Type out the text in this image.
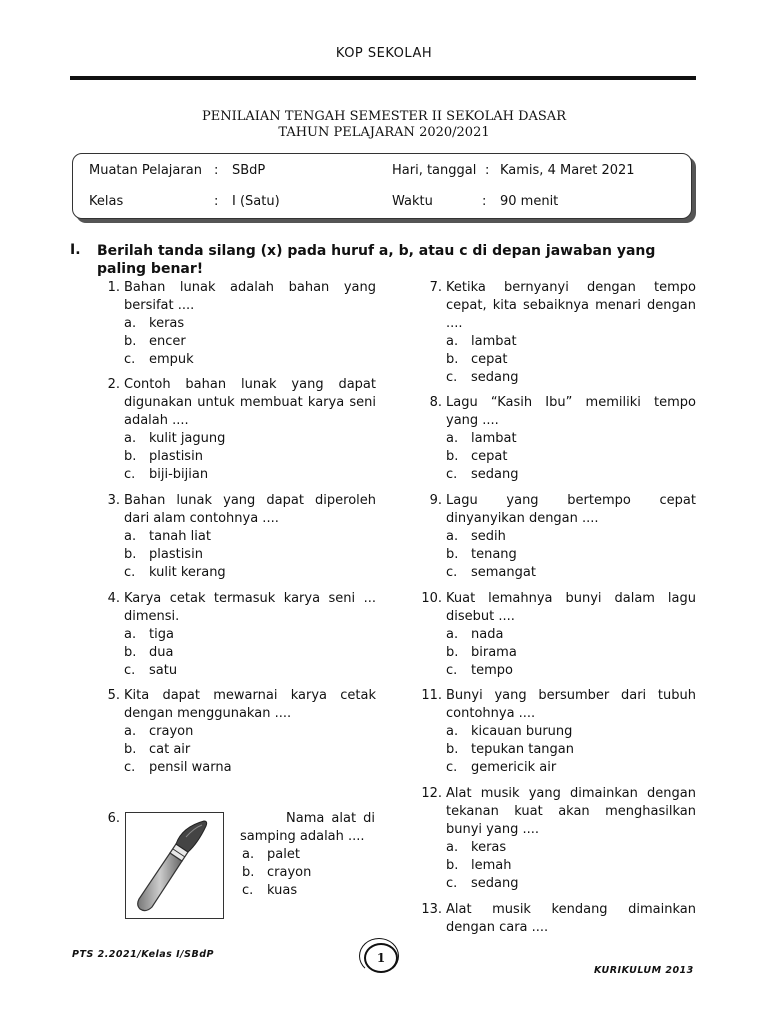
KOP SEKOLAH
PENILAIAN TENGAH SEMESTER II SEKOLAH DASAR
TAHUN PELAJARAN 2020/2021
Muatan Pelajaran : SBdP
Kelas	: I (Satu)
Hari, tanggal : Kamis, 4 Maret 2021
Waktu	: 90 menit
I. Berilah tanda silang (x) pada huruf a, b, atau c di depan jawaban yang paling benar!
1. Bahan lunak adalah bahan yang bersifat ....
a. keras
b. encer
c. empuk
2. Contoh bahan lunak yang dapat digunakan untuk membuat karya seni adalah ....
a. kulit jagung
b. plastisin
c. biji-bijian
3. Bahan lunak yang dapat diperoleh dari alam contohnya ....
a. tanah liat
b. plastisin
c. kulit kerang
4. Karya cetak termasuk karya seni ... dimensi.
a. tiga
b. dua
c. satu
5. Kita dapat mewarnai karya cetak dengan menggunakan ....
a. crayon
b. cat air
c. pensil warna
6.	Nama alat di samping adalah ....
a. palet
b. crayon
c. kuas
7. Ketika bernyanyi dengan tempo cepat, kita sebaiknya menari dengan ....
a. lambat
b. cepat
c. sedang
8. Lagu “Kasih Ibu” memiliki tempo yang ....
a. lambat
b. cepat
c. sedang
9. Lagu yang bertempo cepat dinyanyikan dengan ....
a. sedih
b. tenang
c. semangat
10. Kuat lemahnya bunyi dalam lagu disebut ....
a. nada
b. birama
c. tempo
11. Bunyi yang bersumber dari tubuh contohnya ....
a. kicauan burung
b. tepukan tangan
c. gemericik air
12. Alat musik yang dimainkan dengan tekanan kuat akan menghasilkan bunyi yang ....
a. keras
b. lemah
c. sedang
13. Alat musik kendang dimainkan dengan cara ....
PTS 2.2021/Kelas I/SBdP	1
KURIKULUM 2013
